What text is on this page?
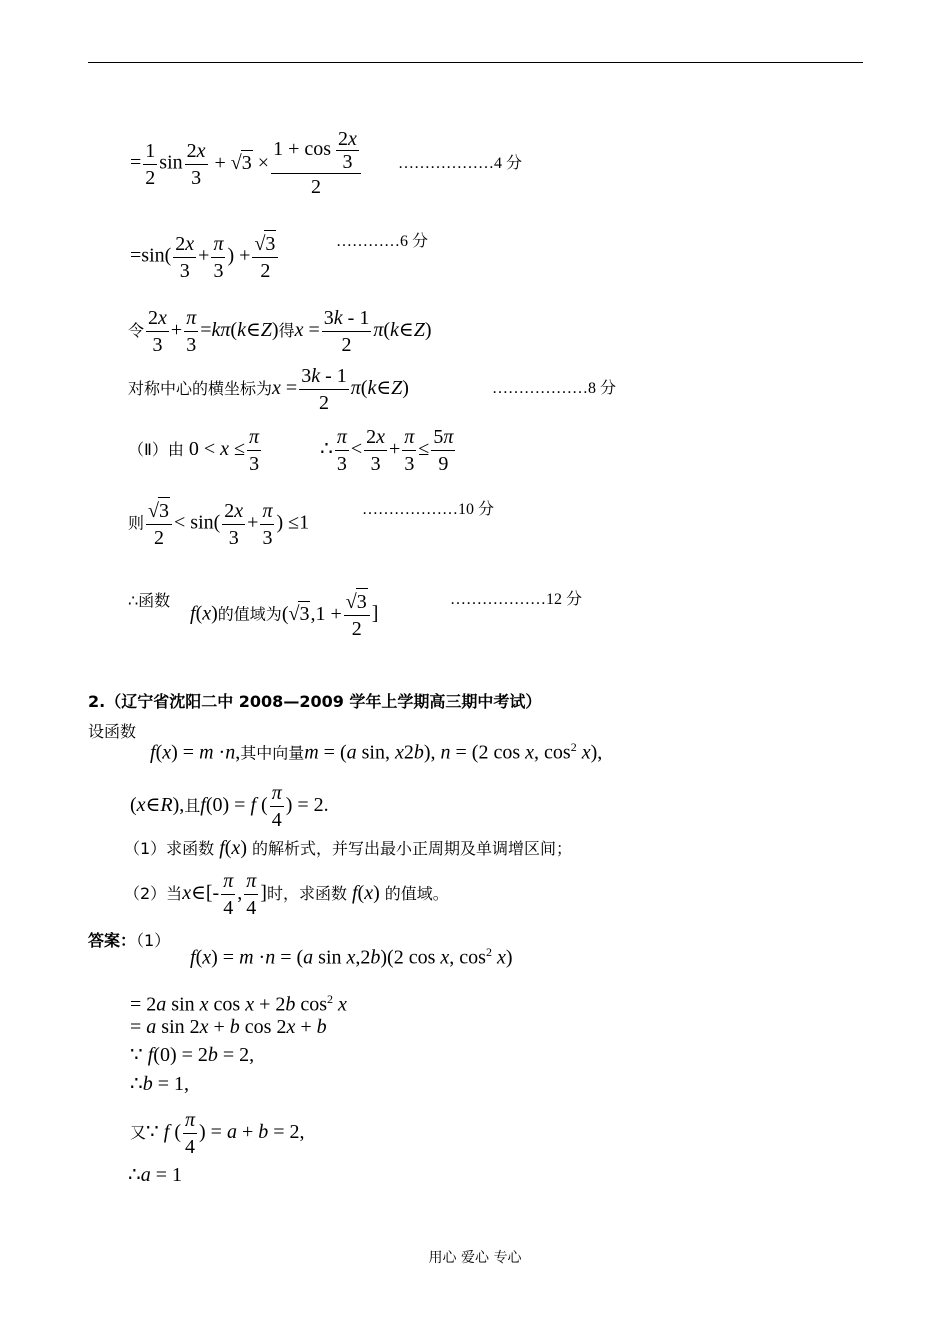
= $\frac{1}{2}$ $\sin \frac{2x}{3} + √3 \times \frac{1 + \cos \frac{2x}{3}}{2}$ ………………4 分
$=\sin( \frac{2x}{3} + \frac{\pi}{3}$ ) + $\frac{√3}{2}$	…………6 分
令 $\frac{2x}{3} + \frac{\pi}{3}$ =kπ(k∈Z)得$x = \frac{3k - 1}{2}$ π(k∈Z)
对称中心的横坐标为$x = \frac{3k - 1}{2}$ π(k∈Z)	………………8 分
（Ⅱ）由 $0 < x \le \frac{\pi}{3}$	∴ $\frac{\pi}{3} < \frac{2x}{3} + \frac{\pi}{3} \le \frac{5\pi}{9}$
则 $\frac{√3}{2} < \sin( \frac{2x}{3} + \frac{\pi}{3}$ ) ≤1
………………10 分
∴函数
f(x)的值域为($√3,1 + \frac{√3}{2}$ ]
………………12 分
2.（辽宁省沈阳二中 2008—2009 学年上学期高三期中考试）
设函数
f(x) = m ·n,其中向量m = (a sin, x2b), n = (2 cos x, $\cos^2 x$),
(x∈R),且f(0) = f ( $\frac{\pi}{4}$ ) = 2.
（1）求函数 f(x) 的解析式，并写出最小正周期及单调增区间；
（2）当x∈[- $\frac{\pi}{4}$ , $\frac{\pi}{4}$ ]时，求函数 f(x) 的值域。
答案：（1）
f(x) = m ·n = (a sin x,2b)(2 cos x, $\cos^2 x$)
= 2a sin x cos x + 2b $\cos^2 x$
= a sin 2x + b cos 2x + b
∵ f(0) = 2b = 2,
∴b = 1,
又∵ f ( $\frac{\pi}{4}$ ) = a + b = 2,
∴a = 1
用心 爱心 专心
